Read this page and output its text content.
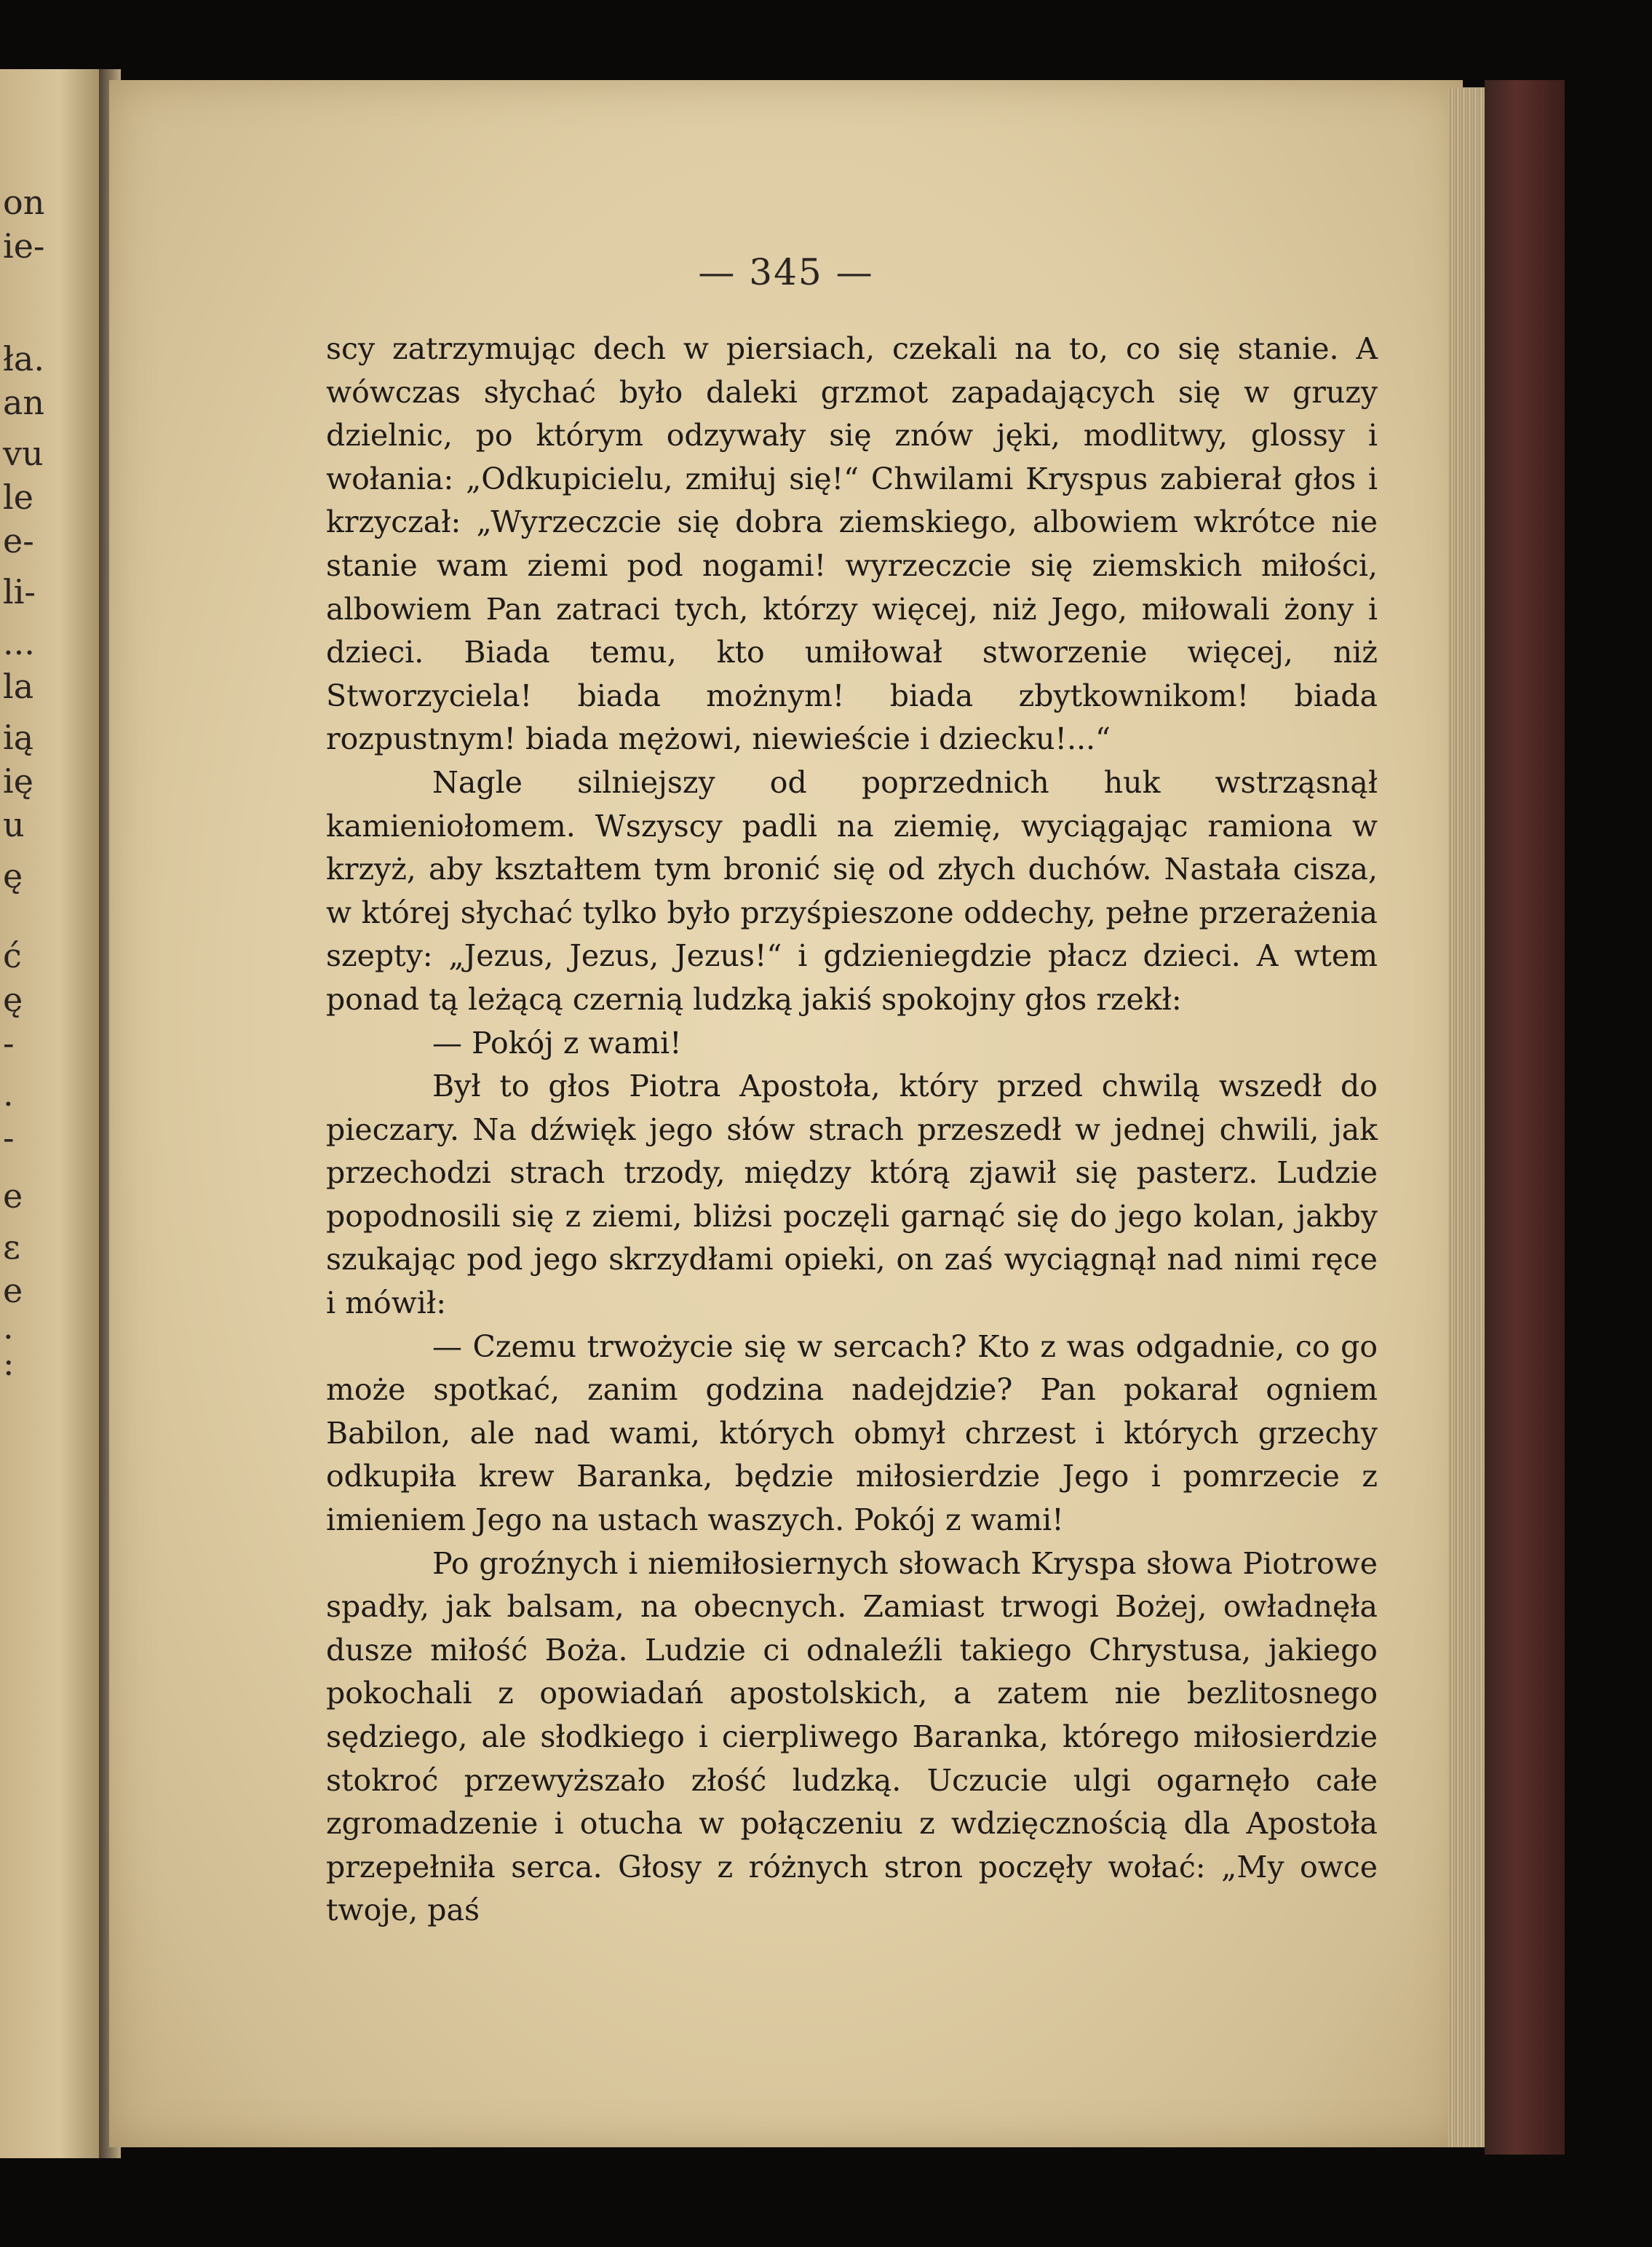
on
ie-
ła.
an
vu
le
e-
li-
...
la
ią
ię
u
ę
ć
ę
-
.
-
e
ε
e
.
:
— 345 —

scy zatrzymując dech w piersiach, czekali na to, co się stanie. A wówczas słychać było daleki grzmot zapadających się w gruzy dzielnic, po którym odzywały się znów jęki, modlitwy, glossy i wołania: „Odkupicielu, zmiłuj się!“ Chwilami Kryspus zabierał głos i krzyczał: „Wyrzeczcie się dobra ziemskiego, albowiem wkrótce nie stanie wam ziemi pod nogami! wyrzeczcie się ziemskich miłości, albowiem Pan zatraci tych, którzy więcej, niż Jego, miłowali żony i dzieci. Biada temu, kto umiłował stworzenie więcej, niż Stworzyciela! biada możnym! biada zbytkownikom! biada rozpustnym! biada mężowi, niewieście i dziecku!...“

Nagle silniejszy od poprzednich huk wstrząsnął kamieniołomem. Wszyscy padli na ziemię, wyciągając ramiona w krzyż, aby kształtem tym bronić się od złych duchów. Nastała cisza, w której słychać tylko było przyśpieszone oddechy, pełne przerażenia szepty: „Jezus, Jezus, Jezus!“ i gdzieniegdzie płacz dzieci. A wtem ponad tą leżącą czernią ludzką jakiś spokojny głos rzekł:

— Pokój z wami!

Był to głos Piotra Apostoła, który przed chwilą wszedł do pieczary. Na dźwięk jego słów strach przeszedł w jednej chwili, jak przechodzi strach trzody, między którą zjawił się pasterz. Ludzie popodnosili się z ziemi, bliżsi poczęli garnąć się do jego kolan, jakby szukając pod jego skrzydłami opieki, on zaś wyciągnął nad nimi ręce i mówił:

— Czemu trwożycie się w sercach? Kto z was odgadnie, co go może spotkać, zanim godzina nadejdzie? Pan pokarał ogniem Babilon, ale nad wami, których obmył chrzest i których grzechy odkupiła krew Baranka, będzie miłosierdzie Jego i pomrzecie z imieniem Jego na ustach waszych. Pokój z wami!

Po groźnych i niemiłosiernych słowach Kryspa słowa Piotrowe spadły, jak balsam, na obecnych. Zamiast trwogi Bożej, owładnęła dusze miłość Boża. Ludzie ci odnaleźli takiego Chrystusa, jakiego pokochali z opowiadań apostolskich, a zatem nie bezlitosnego sędziego, ale słodkiego i cierpliwego Baranka, którego miłosierdzie stokroć przewyższało złość ludzką. Uczucie ulgi ogarnęło całe zgromadzenie i otucha w połączeniu z wdzięcznością dla Apostoła przepełniła serca. Głosy z różnych stron poczęły wołać: „My owce twoje, paś
